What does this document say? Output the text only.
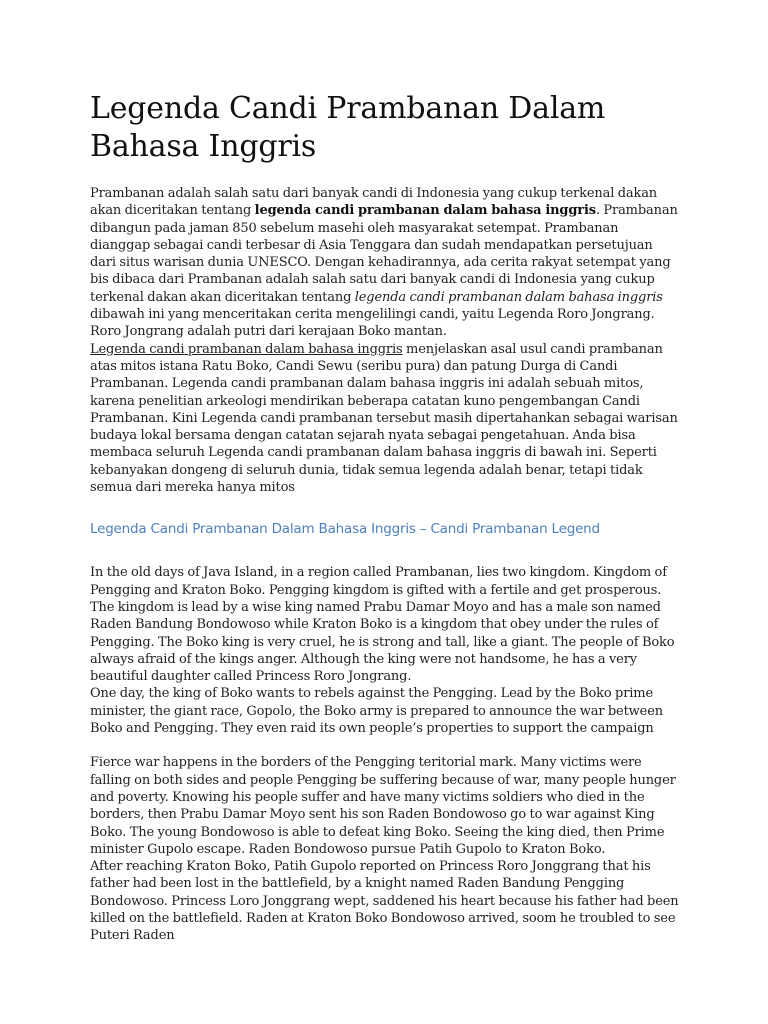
Legenda Candi Prambanan Dalam Bahasa Inggris

Prambanan adalah salah satu dari banyak candi di Indonesia yang cukup terkenal dakan akan diceritakan tentang legenda candi prambanan dalam bahasa inggris. Prambanan dibangun pada jaman 850 sebelum masehi oleh masyarakat setempat. Prambanan dianggap sebagai candi terbesar di Asia Tenggara dan sudah mendapatkan persetujuan dari situs warisan dunia UNESCO. Dengan kehadirannya, ada cerita rakyat setempat yang bis dibaca dari Prambanan adalah salah satu dari banyak candi di Indonesia yang cukup terkenal dakan akan diceritakan tentang legenda candi prambanan dalam bahasa inggris dibawah ini yang menceritakan cerita mengelilingi candi, yaitu Legenda Roro Jongrang. Roro Jongrang adalah putri dari kerajaan Boko mantan.

Legenda candi prambanan dalam bahasa inggris menjelaskan asal usul candi prambanan atas mitos istana Ratu Boko, Candi Sewu (seribu pura) dan patung Durga di Candi Prambanan. Legenda candi prambanan dalam bahasa inggris ini adalah sebuah mitos, karena penelitian arkeologi mendirikan beberapa catatan kuno pengembangan Candi Prambanan. Kini Legenda candi prambanan tersebut masih dipertahankan sebagai warisan budaya lokal bersama dengan catatan sejarah nyata sebagai pengetahuan. Anda bisa membaca seluruh Legenda candi prambanan dalam bahasa inggris di bawah ini. Seperti kebanyakan dongeng di seluruh dunia, tidak semua legenda adalah benar, tetapi tidak semua dari mereka hanya mitos

Legenda Candi Prambanan Dalam Bahasa Inggris – Candi Prambanan Legend

In the old days of Java Island, in a region called Prambanan, lies two kingdom. Kingdom of Pengging and Kraton Boko. Pengging kingdom is gifted with a fertile and get prosperous. The kingdom is lead by a wise king named Prabu Damar Moyo and has a male son named Raden Bandung Bondowoso while Kraton Boko is a kingdom that obey under the rules of Pengging. The Boko king is very cruel, he is strong and tall, like a giant. The people of Boko always afraid of the kings anger. Although the king were not handsome, he has a very beautiful daughter called Princess Roro Jongrang.

One day, the king of Boko wants to rebels against the Pengging. Lead by the Boko prime minister, the giant race, Gopolo, the Boko army is prepared to announce the war between Boko and Pengging. They even raid its own people’s properties to support the campaign

Fierce war happens in the borders of the Pengging teritorial mark. Many victims were falling on both sides and people Pengging be suffering because of war, many people hunger and poverty. Knowing his people suffer and have many victims soldiers who died in the borders, then Prabu Damar Moyo sent his son Raden Bondowoso go to war against King Boko. The young Bondowoso is able to defeat king Boko. Seeing the king died, then Prime minister Gupolo escape. Raden Bondowoso pursue Patih Gupolo to Kraton Boko.

After reaching Kraton Boko, Patih Gupolo reported on Princess Roro Jonggrang that his father had been lost in the battlefield, by a knight named Raden Bandung Pengging Bondowoso. Princess Loro Jonggrang wept, saddened his heart because his father had been killed on the battlefield. Raden at Kraton Boko Bondowoso arrived, soom he troubled to see Puteri Raden
